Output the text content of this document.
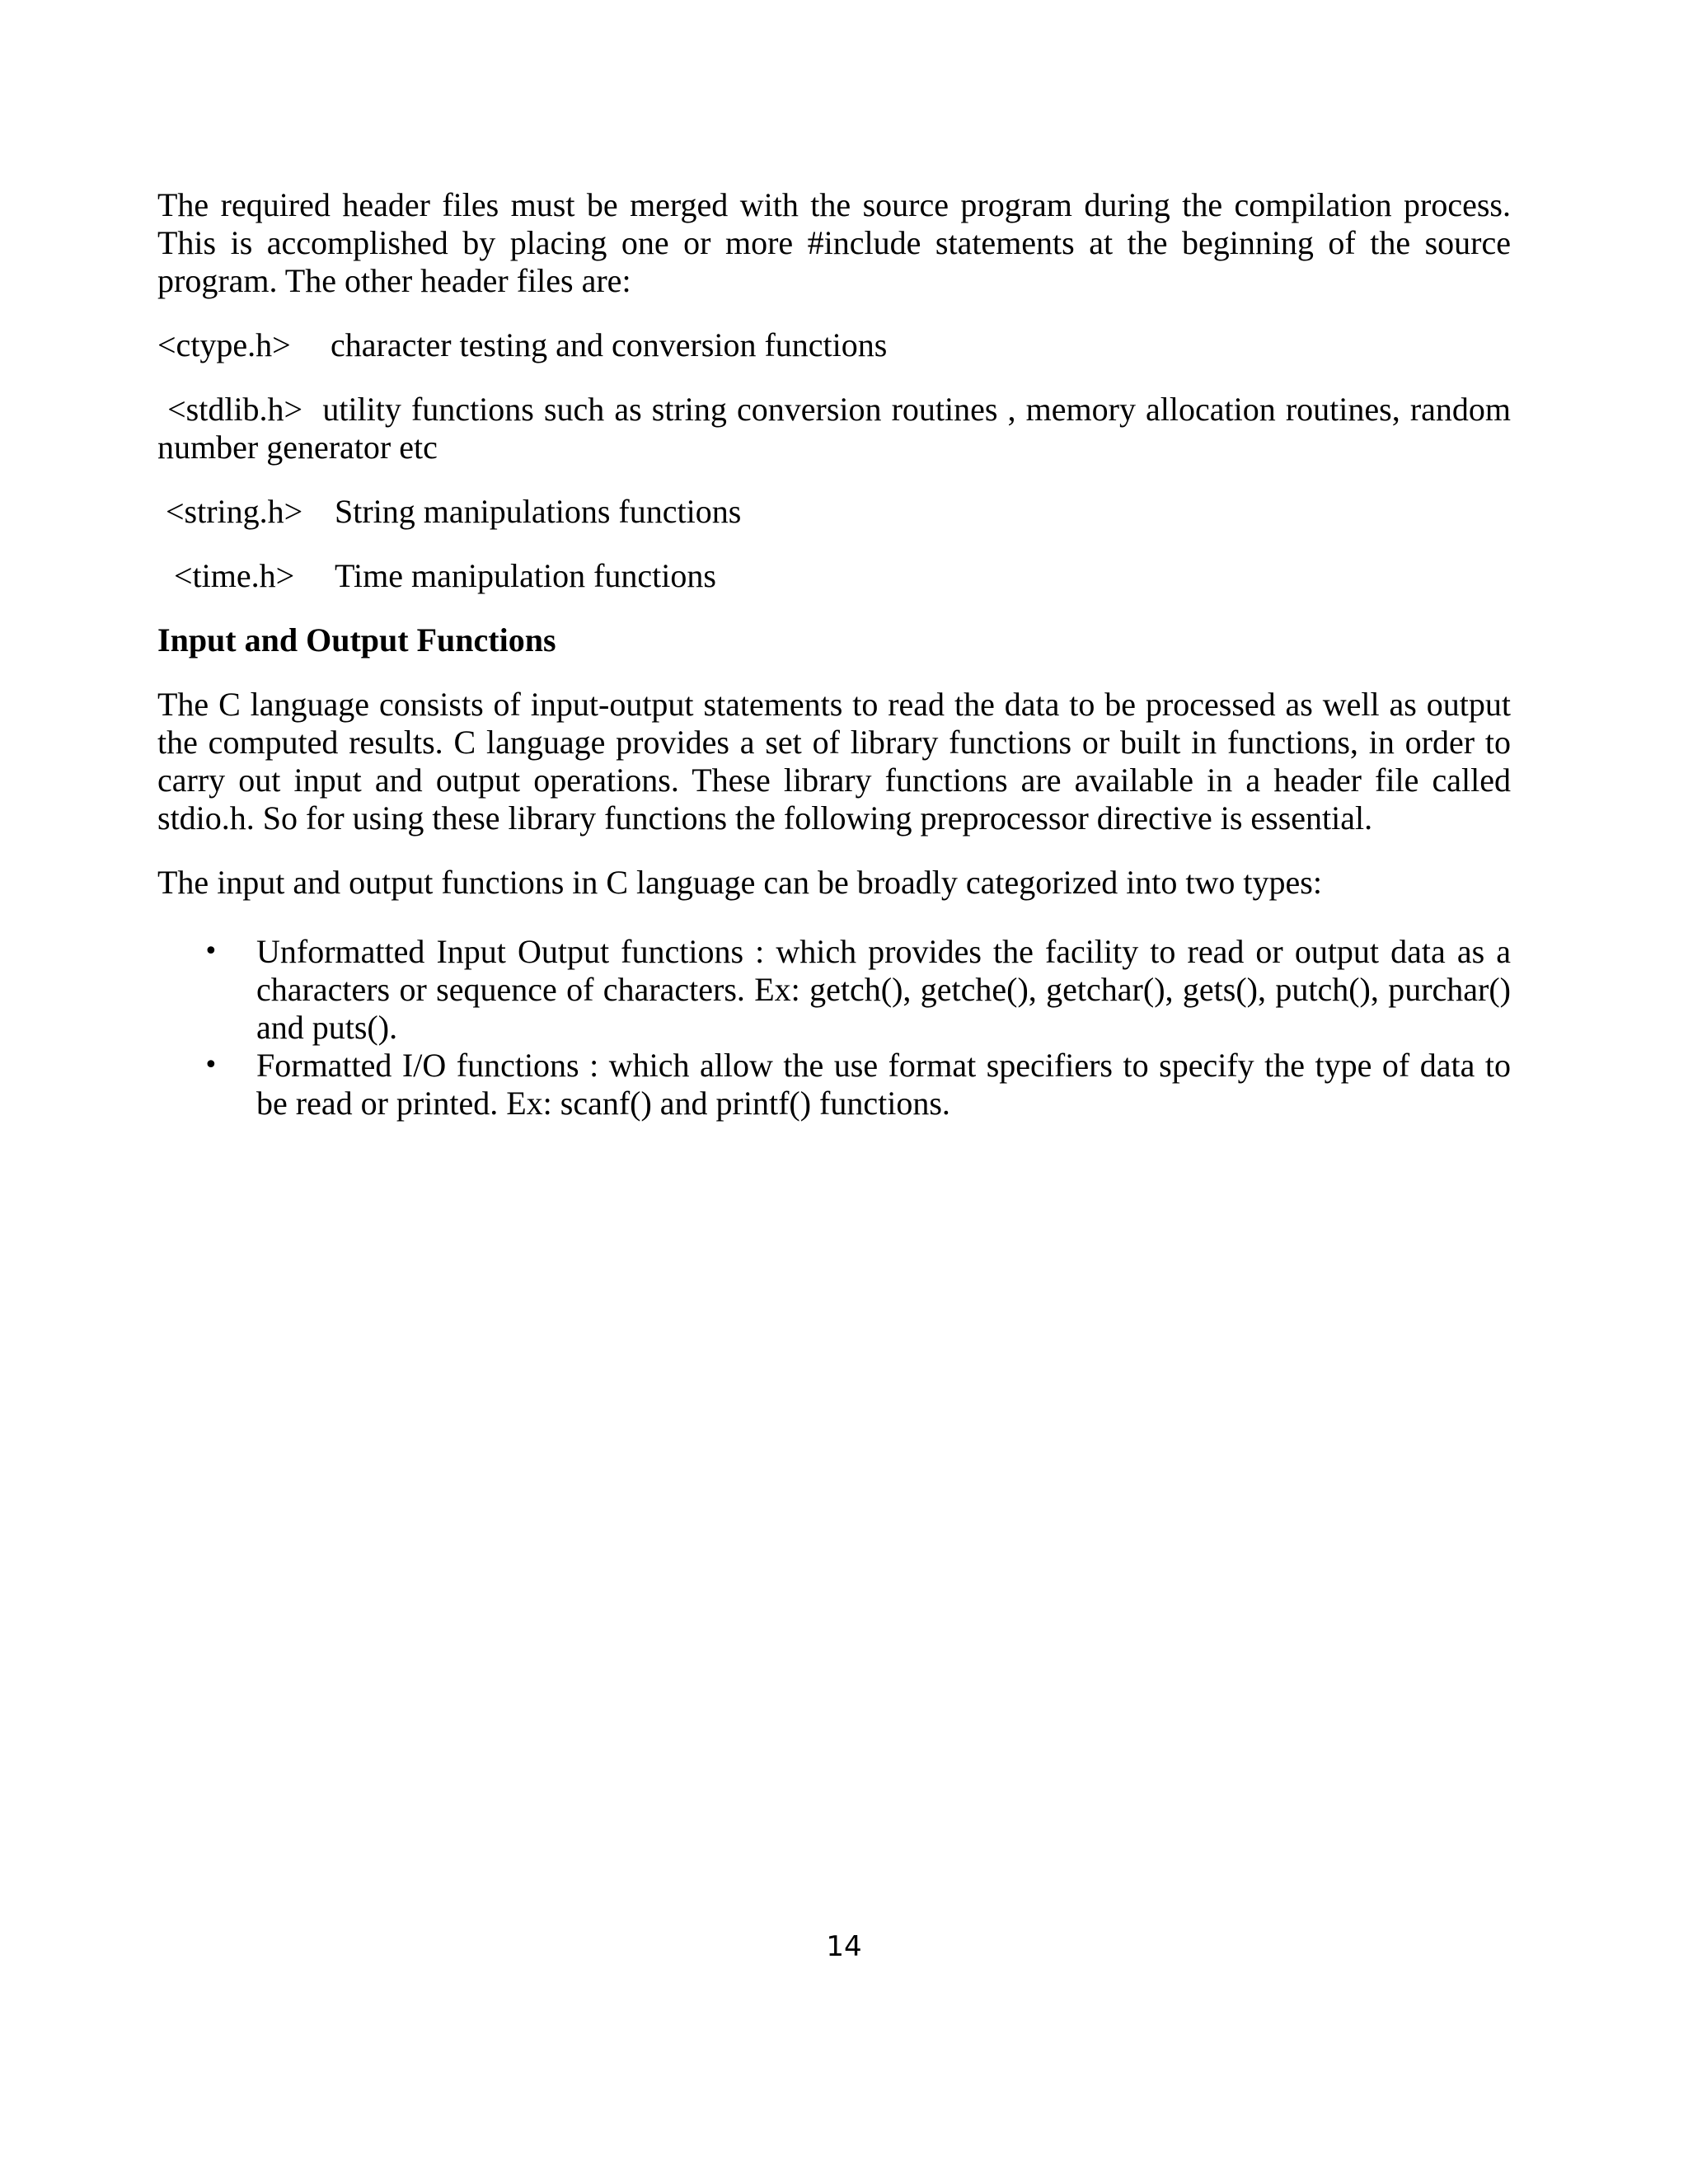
The required header files must be merged with the source program during the compilation process. This is accomplished by placing one or more #include statements at the beginning of the source program. The other header files are:

<ctype.h>	character testing and conversion functions
<stdlib.h> utility functions such as string conversion routines , memory allocation routines, random number generator etc
<string.h> String manipulations functions
<time.h>	Time manipulation functions

Input and Output Functions

The C language consists of input-output statements to read the data to be processed as well as output the computed results. C language provides a set of library functions or built in functions, in order to carry out input and output operations. These library functions are available in a header file called stdio.h. So for using these library functions the following preprocessor directive is essential.

The input and output functions in C language can be broadly categorized into two types:

• Unformatted Input Output functions : which provides the facility to read or output data as a characters or sequence of characters. Ex: getch(), getche(), getchar(), gets(), putch(), purchar() and puts().
• Formatted I/O functions : which allow the use format specifiers to specify the type of data to be read or printed. Ex: scanf() and printf() functions.
14
